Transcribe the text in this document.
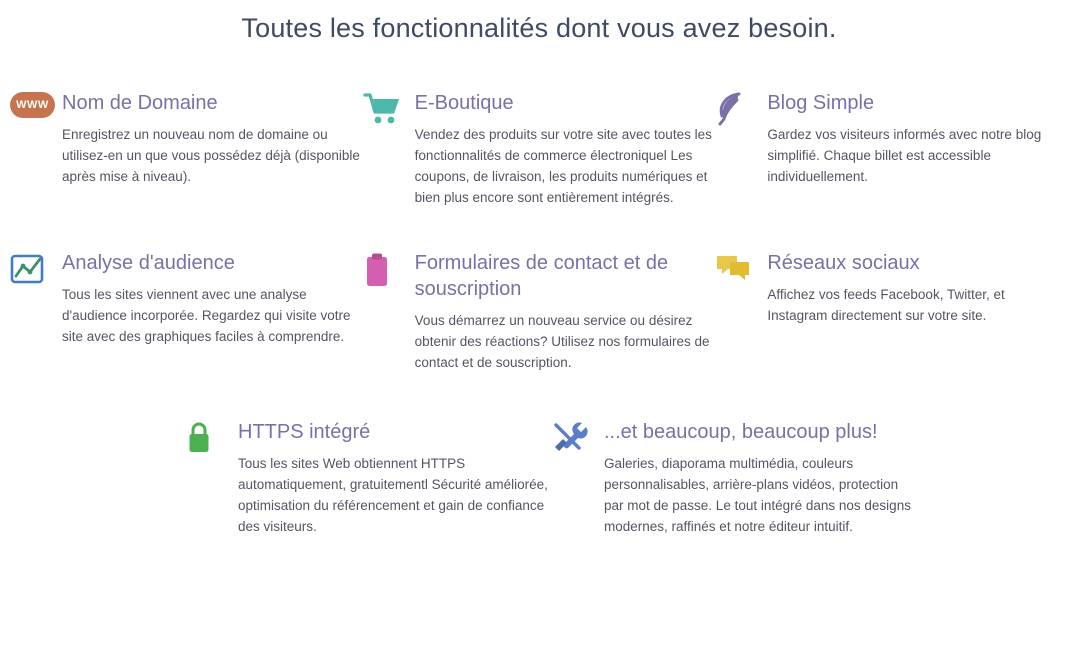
Toutes les fonctionnalités dont vous avez besoin.
WWW Nom de Domaine

Enregistrez un nouveau nom de domaine ou utilisez-en un que vous possédez déjà (disponible après mise à niveau).

E-Boutique

Vendez des produits sur votre site avec toutes les fonctionnalités de commerce électroniquel Les coupons, de livraison, les produits numériques et bien plus encore sont entièrement intégrés.

Blog Simple

Gardez vos visiteurs informés avec notre blog simplifié. Chaque billet est accessible individuellement.

Analyse d'audience

Tous les sites viennent avec une analyse d'audience incorporée. Regardez qui visite votre site avec des graphiques faciles à comprendre.

Formulaires de contact et de souscription

Vous démarrez un nouveau service ou désirez obtenir des réactions? Utilisez nos formulaires de contact et de souscription.

Réseaux sociaux

Affichez vos feeds Facebook, Twitter, et Instagram directement sur votre site.

HTTPS intégré

Tous les sites Web obtiennent HTTPS automatiquement, gratuitementl Sécurité améliorée, optimisation du référencement et gain de confiance des visiteurs.

...et beaucoup, beaucoup plus!

Galeries, diaporama multimédia, couleurs personnalisables, arrière-plans vidéos, protection par mot de passe. Le tout intégré dans nos designs modernes, raffinés et notre éditeur intuitif.
